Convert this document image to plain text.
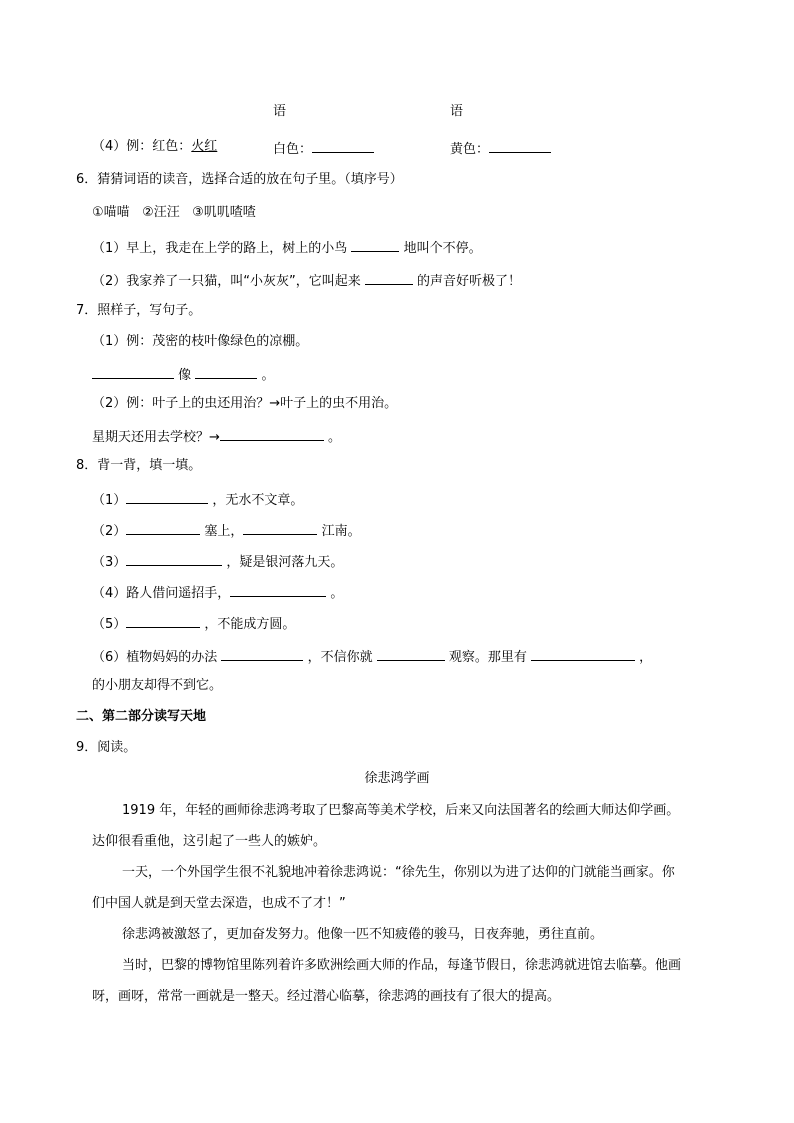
语	语
（4）例：红色：火红	白色：	黄色：
6．猜猜词语的读音，选择合适的放在句子里。（填序号）
①喵喵 ②汪汪 ③叽叽喳喳
（1）早上，我走在上学的路上，树上的小鸟	地叫个不停。
（2）我家养了一只猫，叫“小灰灰”，它叫起来	的声音好听极了！
7．照样子，写句子。
（1）例：茂密的枝叶像绿色的凉棚。
像	。
（2）例：叶子上的虫还用治？→叶子上的虫不用治。
星期天还用去学校？→	。
8．背一背，填一填。
（1）	，无水不文章。
（2）	塞上，	江南。
（3）	，疑是银河落九天。
（4）路人借问遥招手，	。
（5）	，不能成方圆。
（6）植物妈妈的办法	，不信你就	观察。那里有	，
的小朋友却得不到它。
二、第二部分读写天地
9．阅读。
徐悲鸿学画
1919 年，年轻的画师徐悲鸿考取了巴黎高等美术学校，后来又向法国著名的绘画大师达仰学画。
达仰很看重他，这引起了一些人的嫉妒。
一天，一个外国学生很不礼貌地冲着徐悲鸿说：“徐先生，你别以为进了达仰的门就能当画家。你
们中国人就是到天堂去深造，也成不了才！”
徐悲鸿被激怒了，更加奋发努力。他像一匹不知疲倦的骏马，日夜奔驰，勇往直前。
当时，巴黎的博物馆里陈列着许多欧洲绘画大师的作品，每逢节假日，徐悲鸿就进馆去临摹。他画
呀，画呀，常常一画就是一整天。经过潜心临摹，徐悲鸿的画技有了很大的提高。
